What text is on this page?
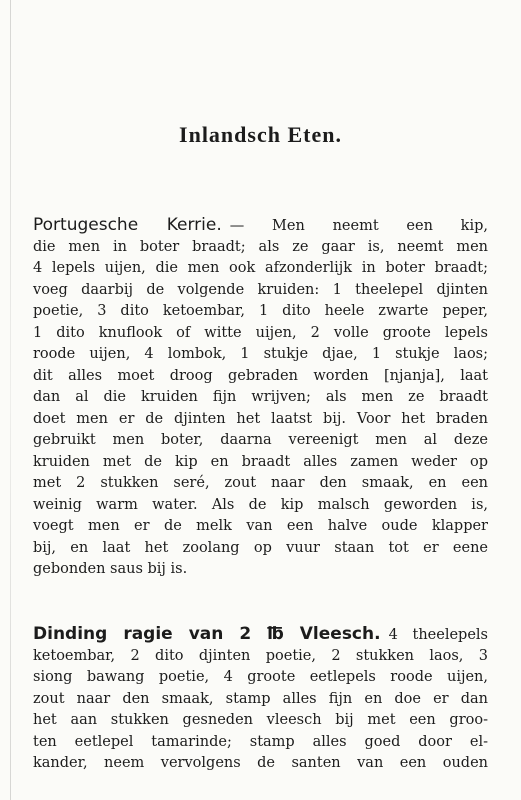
Inlandsch Eten.
Portugesche Kerrie. — Men neemt een kip,
die men in boter braadt; als ze gaar is, neemt men
4 lepels uijen, die men ook afzonderlijk in boter braadt;
voeg daarbij de volgende kruiden: 1 theelepel djinten
poetie, 3 dito ketoembar, 1 dito heele zwarte peper,
1 dito knuflook of witte uijen, 2 volle groote lepels
roode uijen, 4 lombok, 1 stukje djae, 1 stukje laos;
dit alles moet droog gebraden worden [njanja], laat
dan al die kruiden fijn wrijven; als men ze braadt
doet men er de djinten het laatst bij. Voor het braden
gebruikt men boter, daarna vereenigt men al deze
kruiden met de kip en braadt alles zamen weder op
met 2 stukken seré, zout naar den smaak, en een
weinig warm water. Als de kip malsch geworden is,
voegt men er de melk van een halve oude klapper
bij, en laat het zoolang op vuur staan tot er eene
gebonden saus bij is.
Dinding ragie van 2 ℔ Vleesch. 4 theelepels
ketoembar, 2 dito djinten poetie, 2 stukken laos, 3
siong bawang poetie, 4 groote eetlepels roode uijen,
zout naar den smaak, stamp alles fijn en doe er dan
het aan stukken gesneden vleesch bij met een groo-
ten eetlepel tamarinde; stamp alles goed door el-
kander, neem vervolgens de santen van een ouden
